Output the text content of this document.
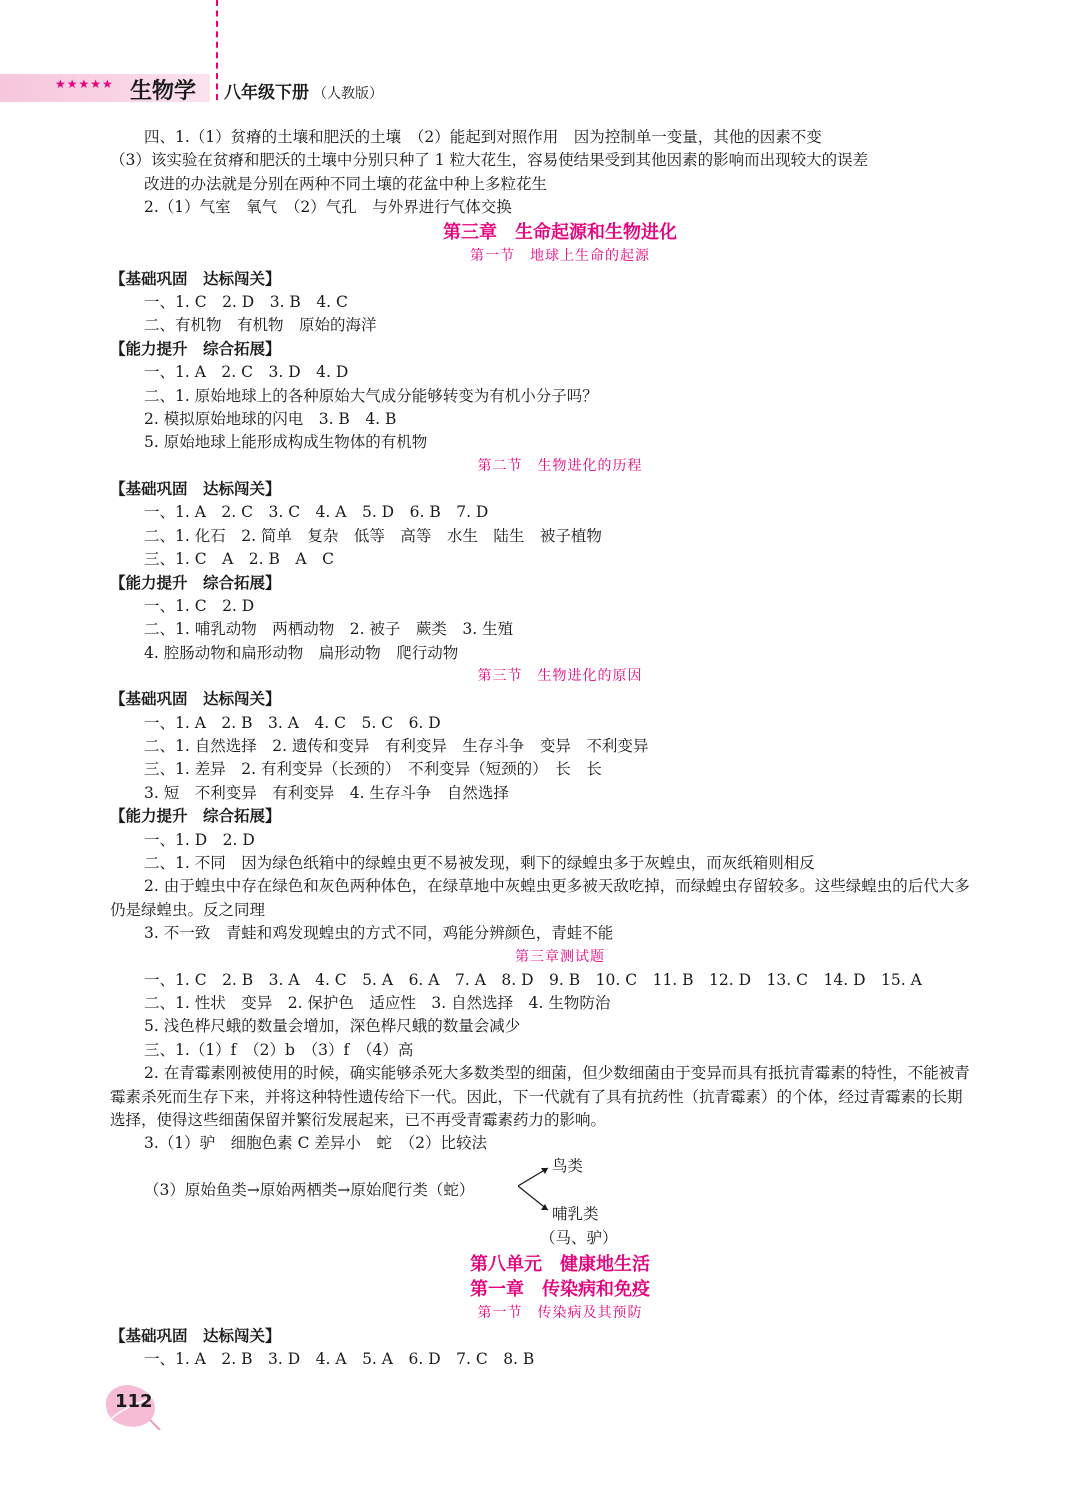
★★★★★ 生物学 八年级下册 （人教版）
四、1.（1）贫瘠的土壤和肥沃的土壤　（2）能起到对照作用　因为控制单一变量，其他的因素不变
（3）该实验在贫瘠和肥沃的土壤中分别只种了 1 粒大花生，容易使结果受到其他因素的影响而出现较大的误差
改进的办法就是分别在两种不同土壤的花盆中种上多粒花生
2.（1）气室　氧气　（2）气孔　与外界进行气体交换
第三章　生命起源和生物进化
第一节　地球上生命的起源
【基础巩固　达标闯关】
一、1. C　2. D　3. B　4. C
二、有机物　有机物　原始的海洋
【能力提升　综合拓展】
一、1. A　2. C　3. D　4. D
二、1. 原始地球上的各种原始大气成分能够转变为有机小分子吗？
2. 模拟原始地球的闪电　3. B　4. B
5. 原始地球上能形成构成生物体的有机物
第二节　生物进化的历程
【基础巩固　达标闯关】
一、1. A　2. C　3. C　4. A　5. D　6. B　7. D
二、1. 化石　2. 简单　复杂　低等　高等　水生　陆生　被子植物
三、1. C　A　2. B　A　C
【能力提升　综合拓展】
一、1. C　2. D
二、1. 哺乳动物　两栖动物　2. 被子　蕨类　3. 生殖
4. 腔肠动物和扁形动物　扁形动物　爬行动物
第三节　生物进化的原因
【基础巩固　达标闯关】
一、1. A　2. B　3. A　4. C　5. C　6. D
二、1. 自然选择　2. 遗传和变异　有利变异　生存斗争　变异　不利变异
三、1. 差异　2. 有利变异（长颈的）　不利变异（短颈的）　长　长
3. 短　不利变异　有利变异　4. 生存斗争　自然选择
【能力提升　综合拓展】
一、1. D　2. D
二、1. 不同　因为绿色纸箱中的绿蝗虫更不易被发现，剩下的绿蝗虫多于灰蝗虫，而灰纸箱则相反
2. 由于蝗虫中存在绿色和灰色两种体色，在绿草地中灰蝗虫更多被天敌吃掉，而绿蝗虫存留较多。这些绿蝗虫的后代大多仍是绿蝗虫。反之同理
3. 不一致　青蛙和鸡发现蝗虫的方式不同，鸡能分辨颜色，青蛙不能
第三章测试题
一、1. C　2. B　3. A　4. C　5. A　6. A　7. A　8. D　9. B　10. C　11. B　12. D　13. C　14. D　15. A
二、1. 性状　变异　2. 保护色　适应性　3. 自然选择　4. 生物防治
5. 浅色桦尺蛾的数量会增加，深色桦尺蛾的数量会减少
三、1.（1）f　（2）b　（3）f　（4）高
2. 在青霉素刚被使用的时候，确实能够杀死大多数类型的细菌，但少数细菌由于变异而具有抵抗青霉素的特性，不能被青霉素杀死而生存下来，并将这种特性遗传给下一代。因此，下一代就有了具有抗药性（抗青霉素）的个体，经过青霉素的长期选择，使得这些细菌保留并繁衍发展起来，已不再受青霉素药力的影响。
3.（1）驴　细胞色素 C 差异小　蛇　（2）比较法
（3）原始鱼类→原始两栖类→原始爬行类（蛇）
鸟类
哺乳类
（马、驴）
第八单元　健康地生活
第一章　传染病和免疫
第一节　传染病及其预防
【基础巩固　达标闯关】
一、1. A　2. B　3. D　4. A　5. A　6. D　7. C　8. B
112
